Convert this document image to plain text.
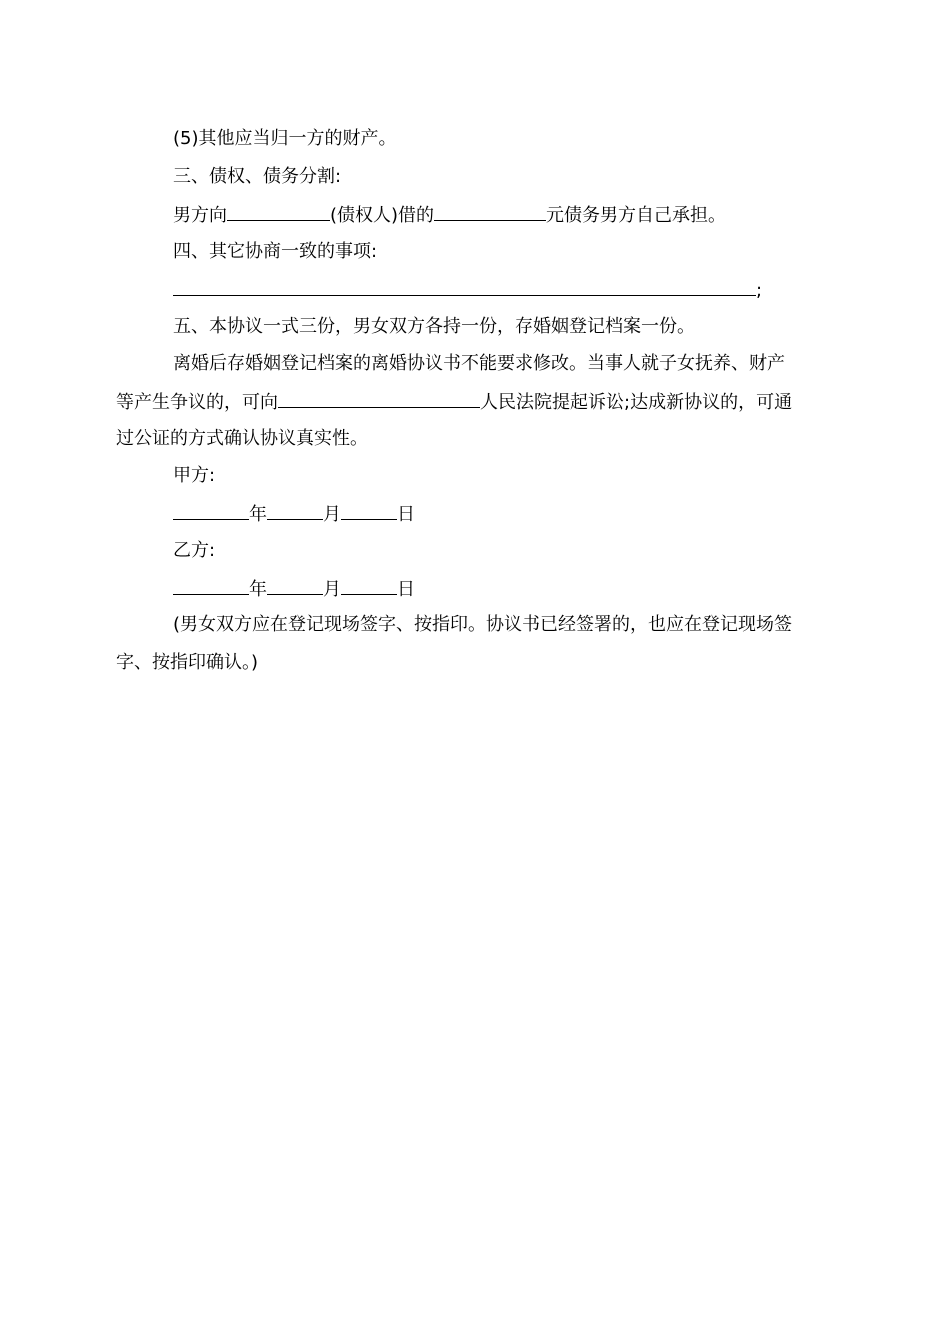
(5)其他应当归一方的财产。
三、债权、债务分割:
男方向	(债权人)借的	元债务男方自己承担。
四、其它协商一致的事项:
;
五、本协议一式三份，男女双方各持一份，存婚姻登记档案一份。
离婚后存婚姻登记档案的离婚协议书不能要求修改。当事人就子女抚养、财产
等产生争议的，可向	人民法院提起诉讼;达成新协议的，可通
过公证的方式确认协议真实性。
甲方:
年	月	日
乙方:
年	月	日
(男女双方应在登记现场签字、按指印。协议书已经签署的，也应在登记现场签
字、按指印确认。)
